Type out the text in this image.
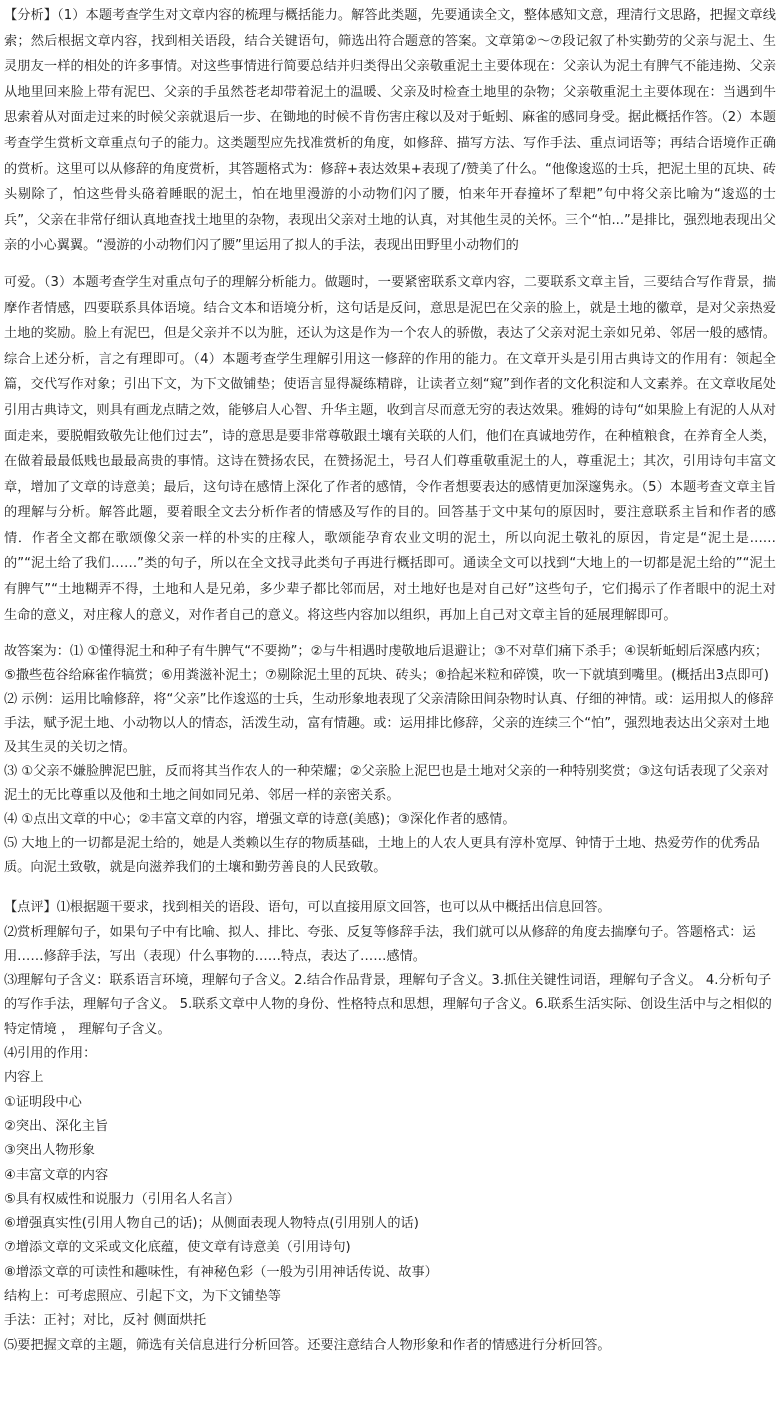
【分析】（1）本题考查学生对文章内容的梳理与概括能力。解答此类题，先要通读全文，整体感知文意，理清行文思路，把握文章线索；然后根据文章内容，找到相关语段，结合关键语句，筛选出符合题意的答案。文章第②～⑦段记叙了朴实勤劳的父亲与泥土、生灵朋友一样的相处的许多事情。对这些事情进行简要总结并归类得出父亲敬重泥土主要体现在：父亲认为泥土有脾气不能违拗、父亲从地里回来脸上带有泥巴、父亲的手虽然苍老却带着泥土的温暖、父亲及时检查土地里的杂物；父亲敬重泥土主要体现在：当遇到牛思索着从对面走过来的时候父亲就退后一步、在锄地的时候不肯伤害庄稼以及对于蚯蚓、麻雀的感同身受。据此概括作答。（2）本题考查学生赏析文章重点句子的能力。这类题型应先找准赏析的角度，如修辞、描写方法、写作手法、重点词语等；再结合语境作正确的赏析。这里可以从修辞的角度赏析，其答题格式为：修辞+表达效果+表现了/赞美了什么。“他像逡巡的士兵，把泥土里的瓦块、砖头剔除了，怕这些骨头硌着睡眠的泥土，怕在地里漫游的小动物们闪了腰，怕来年开春撞坏了犁耙”句中将父亲比喻为“逡巡的士兵”，父亲在非常仔细认真地查找土地里的杂物，表现出父亲对土地的认真，对其他生灵的关怀。三个“怕...”是排比，强烈地表现出父亲的小心翼翼。“漫游的小动物们闪了腰”里运用了拟人的手法，表现出田野里小动物们的

可爱。（3）本题考查学生对重点句子的理解分析能力。做题时，一要紧密联系文章内容，二要联系文章主旨，三要结合写作背景，揣摩作者情感，四要联系具体语境。结合文本和语境分析，这句话是反问，意思是泥巴在父亲的脸上，就是土地的徽章，是对父亲热爱土地的奖励。脸上有泥巴，但是父亲并不以为脏，还认为这是作为一个农人的骄傲，表达了父亲对泥土亲如兄弟、邻居一般的感情。综合上述分析，言之有理即可。（4）本题考查学生理解引用这一修辞的作用的能力。在文章开头是引用古典诗文的作用有：领起全篇，交代写作对象；引出下文，为下文做铺垫；使语言显得凝练精辟，让读者立刻“窥”到作者的文化积淀和人文素养。在文章收尾处引用古典诗文，则具有画龙点睛之效，能够启人心智、升华主题，收到言尽而意无穷的表达效果。雅姆的诗句“如果脸上有泥的人从对面走来，要脱帽致敬先让他们过去”，诗的意思是要非常尊敬跟土壤有关联的人们，他们在真诚地劳作，在种植粮食，在养育全人类，在做着最最低贱也最最高贵的事情。这诗在赞扬农民，在赞扬泥土，号召人们尊重敬重泥土的人，尊重泥土；其次，引用诗句丰富文章，增加了文章的诗意美；最后，这句诗在感情上深化了作者的感情，令作者想要表达的感情更加深邃隽永。（5）本题考查文章主旨的理解与分析。解答此题，要着眼全文去分析作者的情感及写作的目的。回答基于文中某句的原因时，要注意联系主旨和作者的感情．作者全文都在歌颂像父亲一样的朴实的庄稼人，歌颂能孕育农业文明的泥土，所以向泥土敬礼的原因，肯定是“泥土是……的”“泥土给了我们……”类的句子，所以在全文找寻此类句子再进行概括即可。通读全文可以找到“大地上的一切都是泥土给的”“泥土有脾气”“土地糊弄不得，土地和人是兄弟，多少辈子都比邻而居，对土地好也是对自己好”这些句子，它们揭示了作者眼中的泥土对生命的意义，对庄稼人的意义，对作者自己的意义。将这些内容加以组织，再加上自己对文章主旨的延展理解即可。

故答案为：⑴ ①懂得泥土和种子有牛脾气“不要拗”；②与牛相遇时虔敬地后退避让；③不对草们痛下杀手；④误斩蚯蚓后深感内疚；⑤撒些苞谷给麻雀作犒赏；⑥用粪滋补泥土；⑦剔除泥土里的瓦块、砖头；⑧拾起米粒和碎馍，吹一下就填到嘴里。(概括出3点即可)

⑵ 示例：运用比喻修辞，将“父亲”比作逡巡的士兵，生动形象地表现了父亲清除田间杂物时认真、仔细的神情。或：运用拟人的修辞手法，赋予泥土地、小动物以人的情态，活泼生动，富有情趣。或：运用排比修辞，父亲的连续三个“怕”，强烈地表达出父亲对土地及其生灵的关切之情。

⑶ ①父亲不嫌脸脾泥巴脏，反而将其当作农人的一种荣耀；②父亲脸上泥巴也是土地对父亲的一种特别奖赏；③这句话表现了父亲对泥土的无比尊重以及他和土地之间如同兄弟、邻居一样的亲密关系。

⑷ ①点出文章的中心；②丰富文章的内容，增强文章的诗意(美感)；③深化作者的感情。

⑸ 大地上的一切都是泥土给的，她是人类赖以生存的物质基础，土地上的人农人更具有淳朴宽厚、钟情于土地、热爱劳作的优秀品质。向泥土致敬，就是向滋养我们的土壤和勤劳善良的人民致敬。

【点评】⑴根据题干要求，找到相关的语段、语句，可以直接用原文回答，也可以从中概括出信息回答。

⑵赏析理解句子，如果句子中有比喻、拟人、排比、夸张、反复等修辞手法，我们就可以从修辞的角度去揣摩句子。答题格式：运用……修辞手法，写出（表现）什么事物的……特点，表达了……感情。

⑶理解句子含义：联系语言环境，理解句子含义。2.结合作品背景，理解句子含义。3.抓住关键性词语，理解句子含义。 4.分析句子的写作手法，理解句子含义。 5.联系文章中人物的身份、性格特点和思想，理解句子含义。6.联系生活实际、创设生活中与之相似的特定情境 ， 理解句子含义。

⑷引用的作用：

内容上

①证明段中心

②突出、深化主旨

③突出人物形象

④丰富文章的内容

⑤具有权威性和说服力（引用名人名言）

⑥增强真实性(引用人物自己的话)；从侧面表现人物特点(引用别人的话)

⑦增添文章的文采或文化底蕴，使文章有诗意美（引用诗句)

⑧增添文章的可读性和趣味性，有神秘色彩（一般为引用神话传说、故事）

结构上：可考虑照应、引起下文，为下文铺垫等

手法：正衬；对比，反衬 侧面烘托

⑸要把握文章的主题，筛选有关信息进行分析回答。还要注意结合人物形象和作者的情感进行分析回答。
